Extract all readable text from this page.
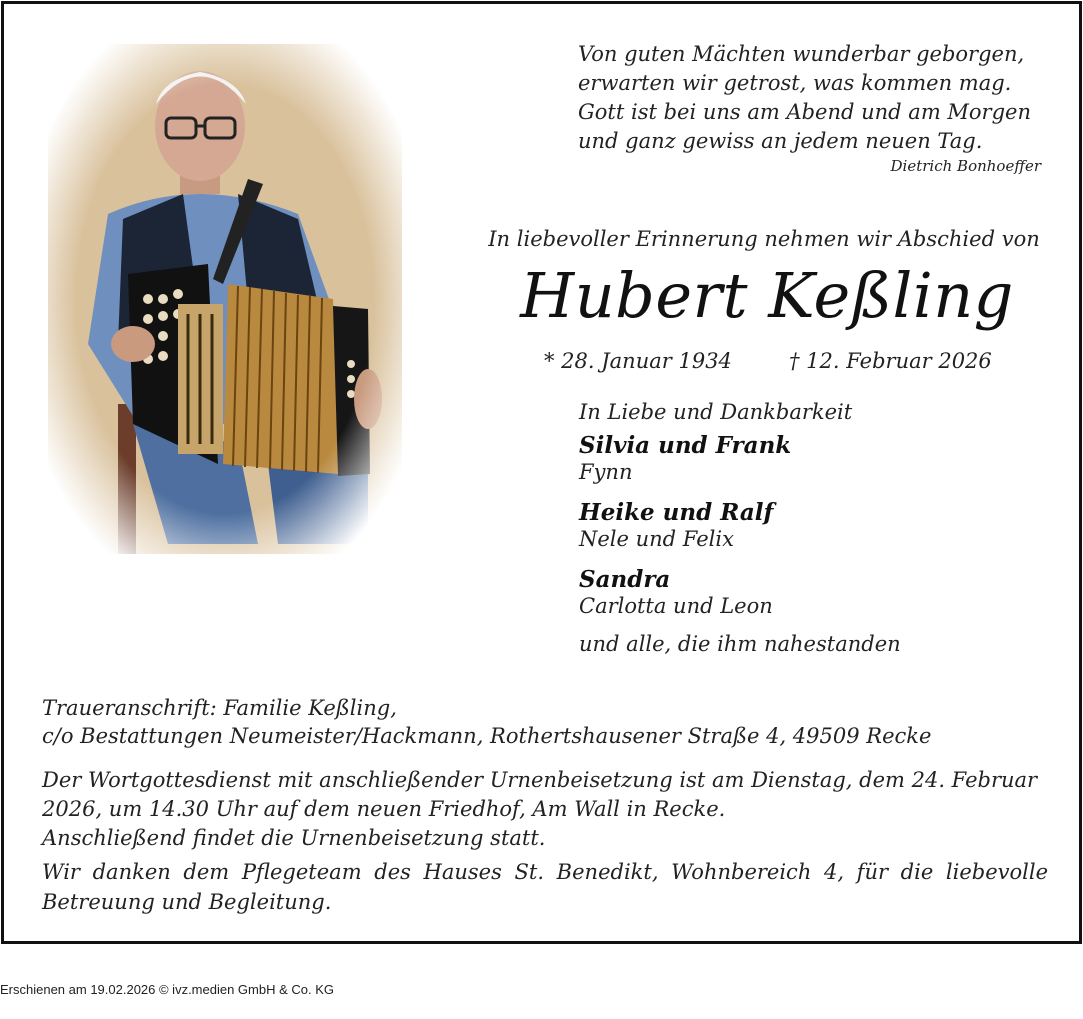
Von guten Mächten wunderbar geborgen,
erwarten wir getrost, was kommen mag.
Gott ist bei uns am Abend und am Morgen
und ganz gewiss an jedem neuen Tag.
Dietrich Bonhoeffer
In liebevoller Erinnerung nehmen wir Abschied von
Hubert Keßling
* 28. Januar 1934	† 12. Februar 2026
In Liebe und Dankbarkeit
Silvia und Frank
Fynn
Heike und Ralf
Nele und Felix
Sandra
Carlotta und Leon
und alle, die ihm nahestanden
Traueranschrift: Familie Keßling,
c/o Bestattungen Neumeister/Hackmann, Rothertshausener Straße 4, 49509 Recke
Der Wortgottesdienst mit anschließender Urnenbeisetzung ist am Dienstag, dem 24. Februar
2026, um 14.30 Uhr auf dem neuen Friedhof, Am Wall in Recke.
Anschließend findet die Urnenbeisetzung statt.
Wir danken dem Pflegeteam des Hauses St. Benedikt, Wohnbereich 4, für die liebevolle Betreuung und Begleitung.
Erschienen am 19.02.2026 © ivz.medien GmbH & Co. KG
